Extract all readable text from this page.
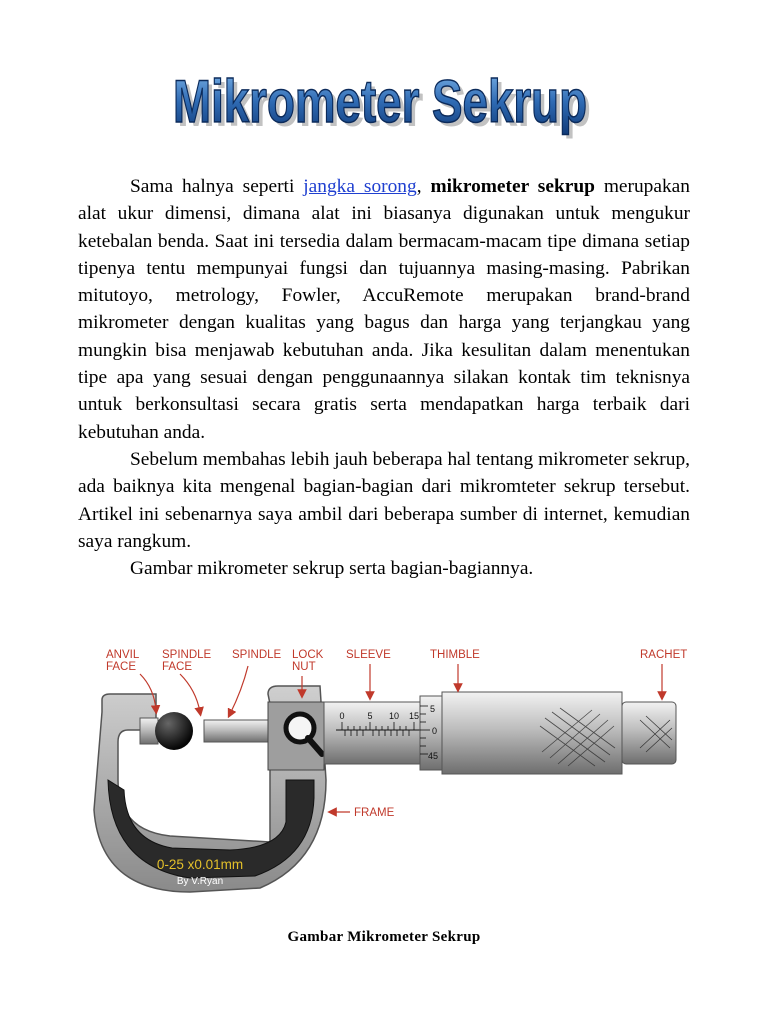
Mikrometer Sekrup
Mikrometer Sekrup

Sama halnya seperti jangka sorong, mikrometer sekrup merupakan alat ukur dimensi, dimana alat ini biasanya digunakan untuk mengukur ketebalan benda. Saat ini tersedia dalam bermacam-macam tipe dimana setiap tipenya tentu mempunyai fungsi dan tujuannya masing-masing. Pabrikan mitutoyo, metrology, Fowler, AccuRemote merupakan brand-brand mikrometer dengan kualitas yang bagus dan harga yang terjangkau yang mungkin bisa menjawab kebutuhan anda. Jika kesulitan dalam menentukan tipe apa yang sesuai dengan penggunaannya silakan kontak tim teknisnya untuk berkonsultasi secara gratis serta mendapatkan harga terbaik dari kebutuhan anda.

Sebelum membahas lebih jauh beberapa hal tentang mikrometer sekrup, ada baiknya kita mengenal bagian-bagian dari mikromteter sekrup tersebut. Artikel ini sebenarnya saya ambil dari beberapa sumber di internet, kemudian saya rangkum.

Gambar mikrometer sekrup serta bagian-bagiannya.

0-25 x0.01mm
By V.Ryan
0	5 10 15
5
0
45
ANVIL
FACE
SPINDLE
FACE
SPINDLE LOCK
NUT
SLEEVE	THIMBLE	RACHET
FRAME
Gambar Mikrometer Sekrup
